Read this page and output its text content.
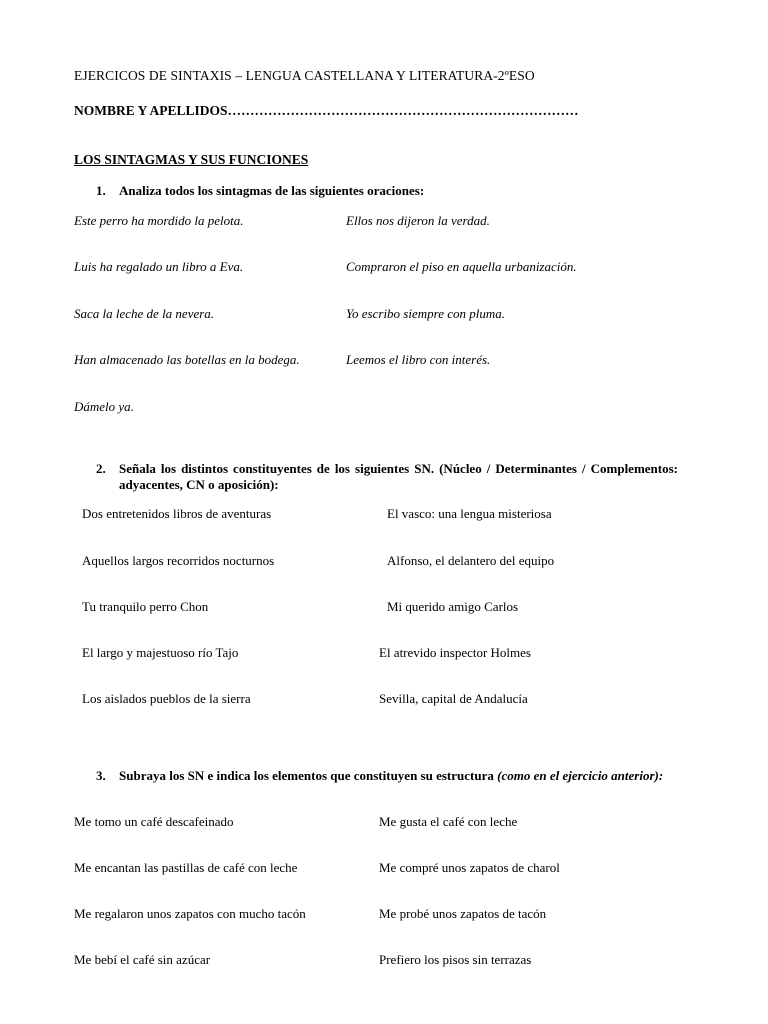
EJERCICOS DE SINTAXIS – LENGUA CASTELLANA Y LITERATURA-2ºESO
NOMBRE Y APELLIDOS……………………………………………………………………
LOS SINTAGMAS Y SUS FUNCIONES
1.	Analiza todos los sintagmas de las siguientes oraciones:
Este perro ha mordido la pelota.
Luis ha regalado un libro a Eva.
Saca la leche de la nevera.
Han almacenado las botellas en la bodega.
Dámelo ya.
Ellos nos dijeron la verdad.
Compraron el piso en aquella urbanización.
Yo escribo siempre con pluma.
Leemos el libro con interés.
2.	Señala los distintos constituyentes de los siguientes SN. (Núcleo / Determinantes / Complementos: adyacentes, CN o aposición):
Dos entretenidos libros de aventuras
Aquellos largos recorridos nocturnos
Tu tranquilo perro Chon
El largo y majestuoso río Tajo
Los aislados pueblos de la sierra
El vasco: una lengua misteriosa
Alfonso, el delantero del equipo
Mi querido amigo Carlos
El atrevido inspector Holmes
Sevilla, capital de Andalucía
3.	Subraya los SN e indica los elementos que constituyen su estructura (como en el ejercicio anterior):
Me tomo un café descafeinado
Me encantan las pastillas de café con leche
Me regalaron unos zapatos con mucho tacón
Me bebí el café sin azúcar
Me gusta el café con leche
Me compré unos zapatos de charol
Me probé unos zapatos de tacón
Prefiero los pisos sin terrazas
